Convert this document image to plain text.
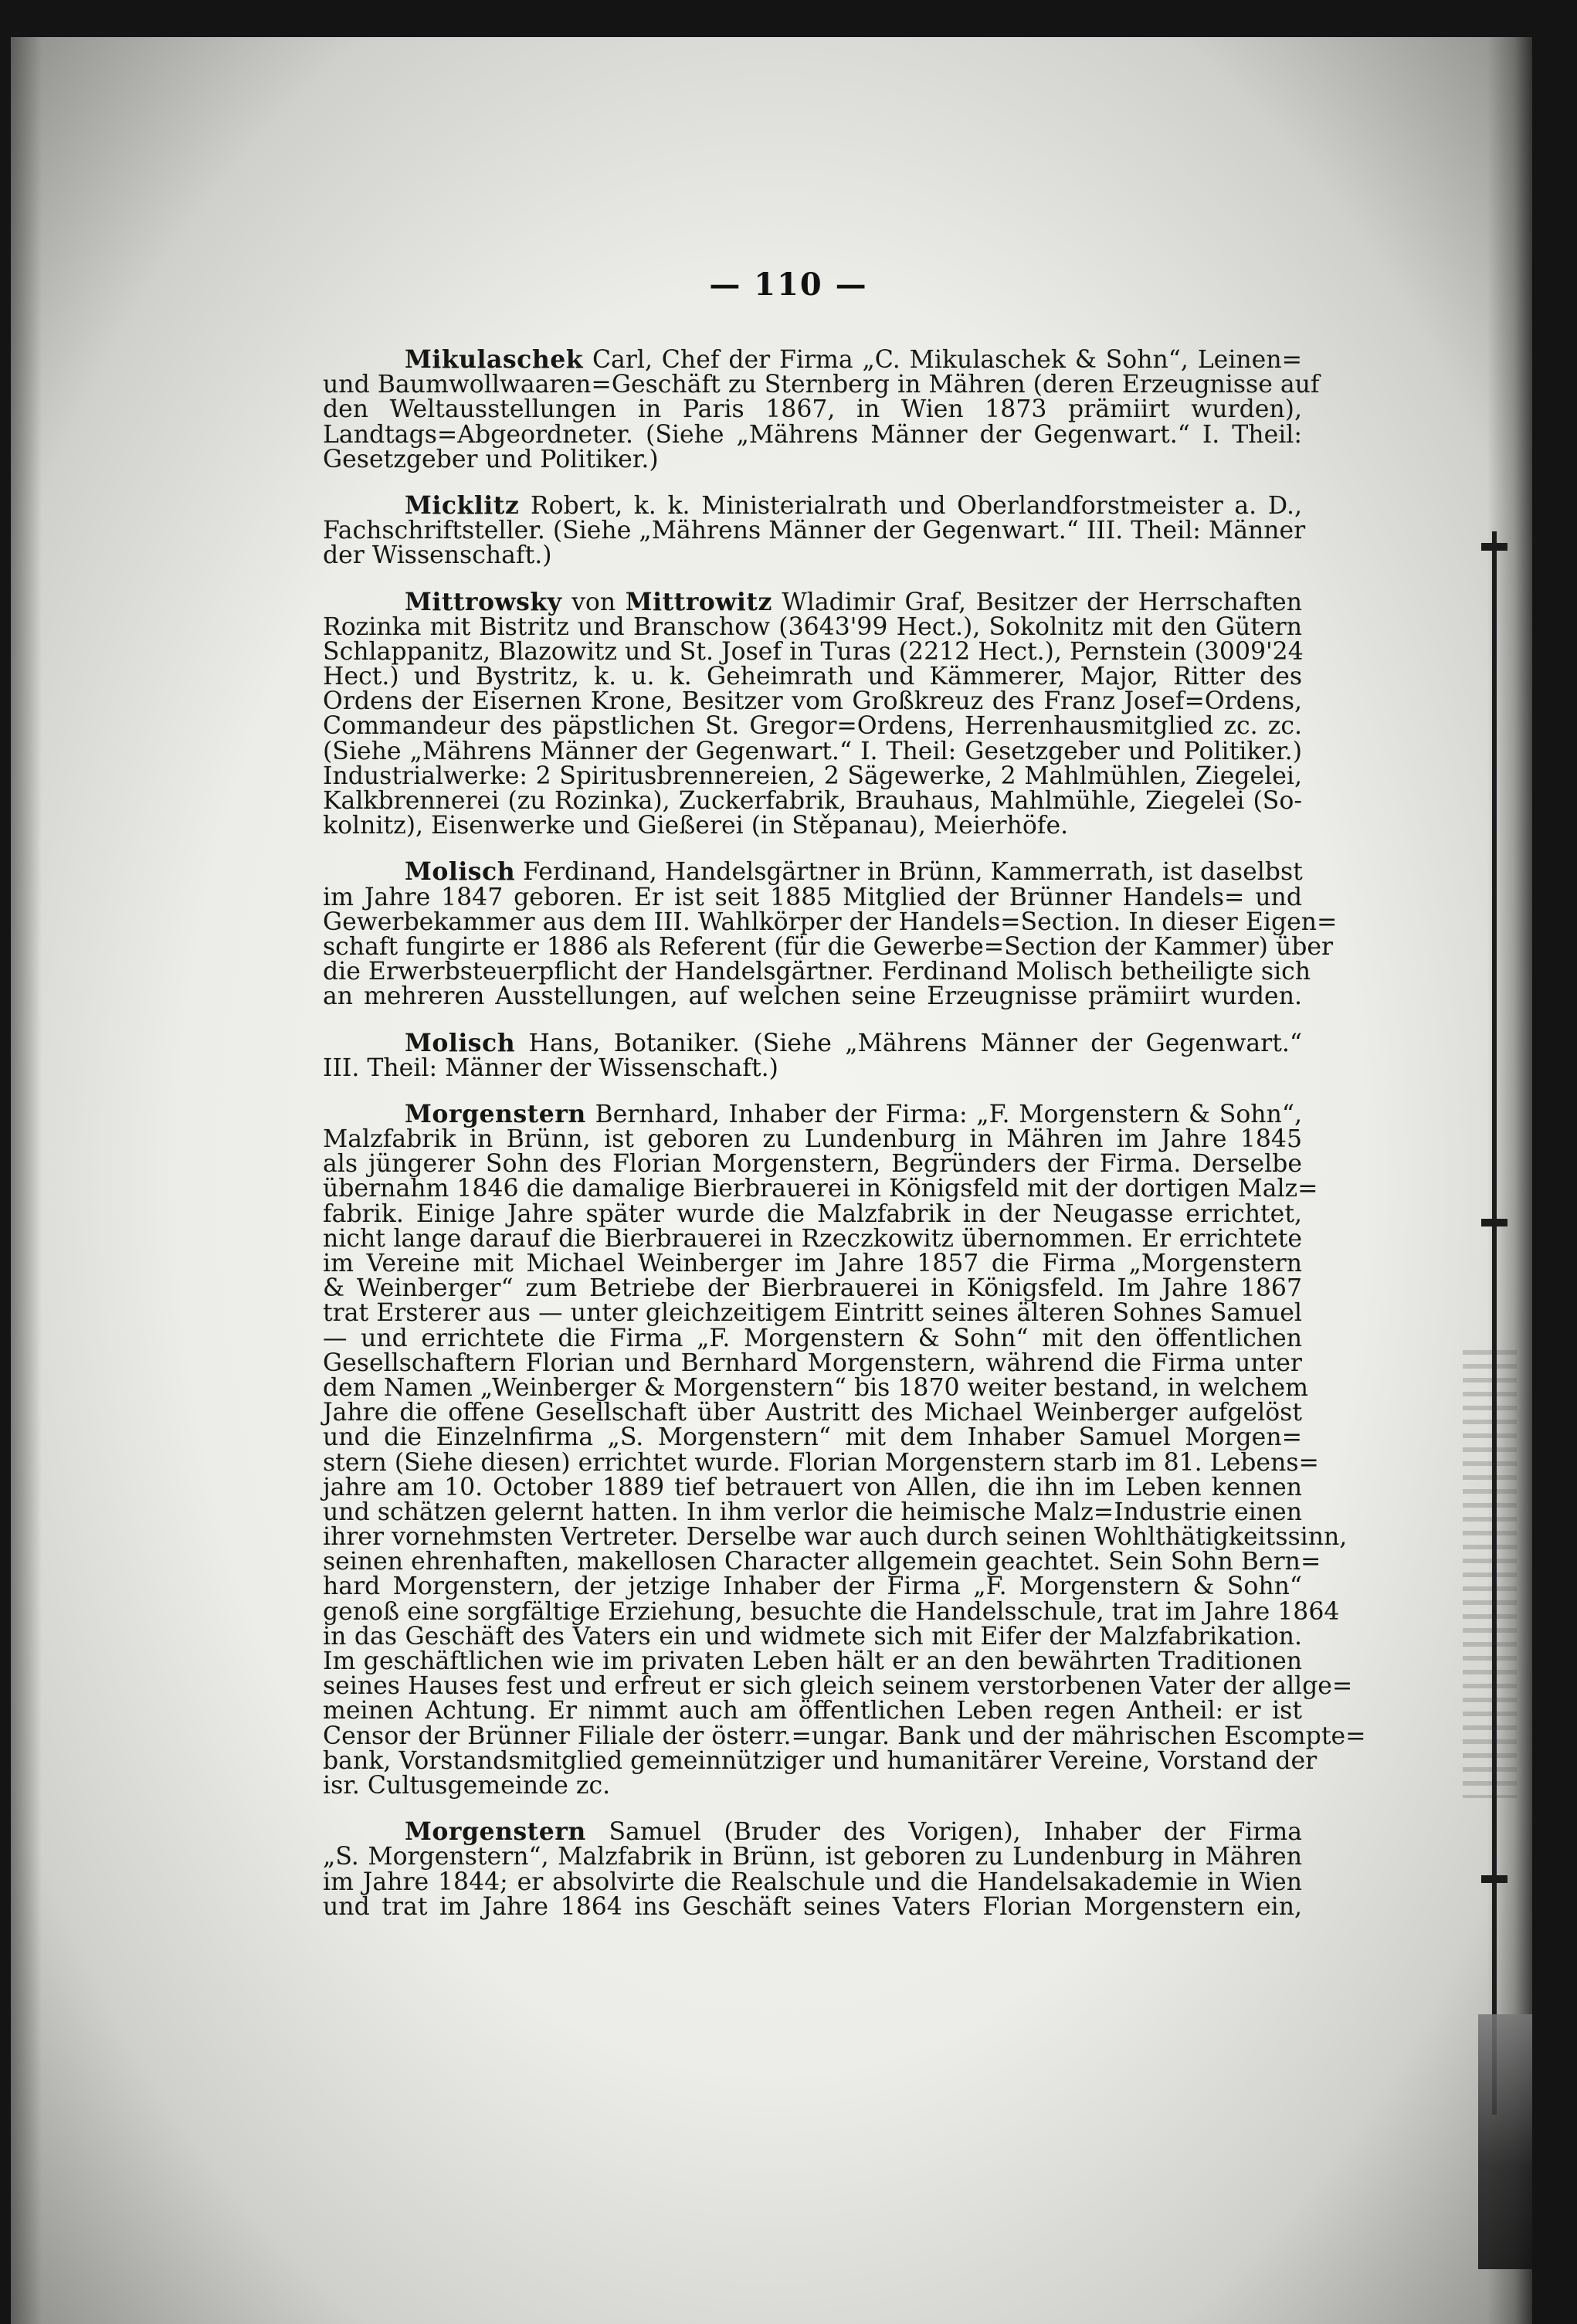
— 110 —
Mikulaschek Carl, Chef der Firma „C. Mikulaschek & Sohn“, Leinen=
und Baumwollwaaren=Geschäft zu Sternberg in Mähren (deren Erzeugnisse auf
den Weltausstellungen in Paris 1867, in Wien 1873 prämiirt wurden),
Landtags=Abgeordneter. (Siehe „Mährens Männer der Gegenwart.“ I. Theil:
Gesetzgeber und Politiker.)
Micklitz Robert, k. k. Ministerialrath und Oberlandforstmeister a. D.,
Fachschriftsteller. (Siehe „Mährens Männer der Gegenwart.“ III. Theil: Männer
der Wissenschaft.)
Mittrowsky von Mittrowitz Wladimir Graf, Besitzer der Herrschaften
Rozinka mit Bistritz und Branschow (3643'99 Hect.), Sokolnitz mit den Gütern
Schlappanitz, Blazowitz und St. Josef in Turas (2212 Hect.), Pernstein (3009'24
Hect.) und Bystritz, k. u. k. Geheimrath und Kämmerer, Major, Ritter des
Ordens der Eisernen Krone, Besitzer vom Großkreuz des Franz Josef=Ordens,
Commandeur des päpstlichen St. Gregor=Ordens, Herrenhausmitglied zc. zc.
(Siehe „Mährens Männer der Gegenwart.“ I. Theil: Gesetzgeber und Politiker.)
Industrialwerke: 2 Spiritusbrennereien, 2 Sägewerke, 2 Mahlmühlen, Ziegelei,
Kalkbrennerei (zu Rozinka), Zuckerfabrik, Brauhaus, Mahlmühle, Ziegelei (So-
kolnitz), Eisenwerke und Gießerei (in Stěpanau), Meierhöfe.
Molisch Ferdinand, Handelsgärtner in Brünn, Kammerrath, ist daselbst
im Jahre 1847 geboren. Er ist seit 1885 Mitglied der Brünner Handels= und
Gewerbekammer aus dem III. Wahlkörper der Handels=Section. In dieser Eigen=
schaft fungirte er 1886 als Referent (für die Gewerbe=Section der Kammer) über
die Erwerbsteuerpflicht der Handelsgärtner. Ferdinand Molisch betheiligte sich
an mehreren Ausstellungen, auf welchen seine Erzeugnisse prämiirt wurden.
Molisch Hans, Botaniker. (Siehe „Mährens Männer der Gegenwart.“
III. Theil: Männer der Wissenschaft.)
Morgenstern Bernhard, Inhaber der Firma: „F. Morgenstern & Sohn“,
Malzfabrik in Brünn, ist geboren zu Lundenburg in Mähren im Jahre 1845
als jüngerer Sohn des Florian Morgenstern, Begründers der Firma. Derselbe
übernahm 1846 die damalige Bierbrauerei in Königsfeld mit der dortigen Malz=
fabrik. Einige Jahre später wurde die Malzfabrik in der Neugasse errichtet,
nicht lange darauf die Bierbrauerei in Rzeczkowitz übernommen. Er errichtete
im Vereine mit Michael Weinberger im Jahre 1857 die Firma „Morgenstern
& Weinberger“ zum Betriebe der Bierbrauerei in Königsfeld. Im Jahre 1867
trat Ersterer aus — unter gleichzeitigem Eintritt seines älteren Sohnes Samuel
— und errichtete die Firma „F. Morgenstern & Sohn“ mit den öffentlichen
Gesellschaftern Florian und Bernhard Morgenstern, während die Firma unter
dem Namen „Weinberger & Morgenstern“ bis 1870 weiter bestand, in welchem
Jahre die offene Gesellschaft über Austritt des Michael Weinberger aufgelöst
und die Einzelnfirma „S. Morgenstern“ mit dem Inhaber Samuel Morgen=
stern (Siehe diesen) errichtet wurde. Florian Morgenstern starb im 81. Lebens=
jahre am 10. October 1889 tief betrauert von Allen, die ihn im Leben kennen
und schätzen gelernt hatten. In ihm verlor die heimische Malz=Industrie einen
ihrer vornehmsten Vertreter. Derselbe war auch durch seinen Wohlthätigkeitssinn,
seinen ehrenhaften, makellosen Character allgemein geachtet. Sein Sohn Bern=
hard Morgenstern, der jetzige Inhaber der Firma „F. Morgenstern & Sohn“
genoß eine sorgfältige Erziehung, besuchte die Handelsschule, trat im Jahre 1864
in das Geschäft des Vaters ein und widmete sich mit Eifer der Malzfabrikation.
Im geschäftlichen wie im privaten Leben hält er an den bewährten Traditionen
seines Hauses fest und erfreut er sich gleich seinem verstorbenen Vater der allge=
meinen Achtung. Er nimmt auch am öffentlichen Leben regen Antheil: er ist
Censor der Brünner Filiale der österr.=ungar. Bank und der mährischen Escompte=
bank, Vorstandsmitglied gemeinnütziger und humanitärer Vereine, Vorstand der
isr. Cultusgemeinde zc.
Morgenstern Samuel (Bruder des Vorigen), Inhaber der Firma
„S. Morgenstern“, Malzfabrik in Brünn, ist geboren zu Lundenburg in Mähren
im Jahre 1844; er absolvirte die Realschule und die Handelsakademie in Wien
und trat im Jahre 1864 ins Geschäft seines Vaters Florian Morgenstern ein,
